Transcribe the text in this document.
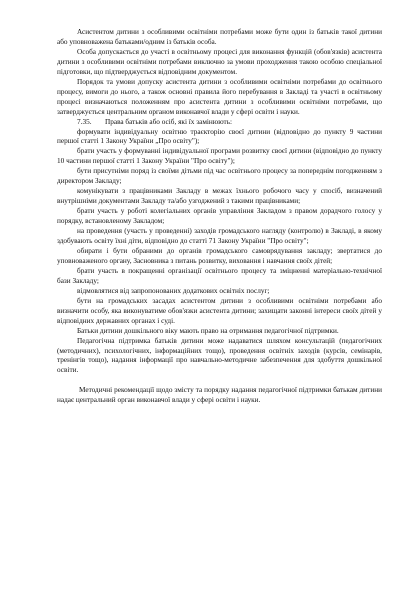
Асистентом дитини з особливими освітніми потребами може бути один із батьків такої дитини або уповноважена батьками/одним із батьків особа.

Особа допускається до участі в освітньому процесі для виконання функцій (обов'язків) асистента дитини з особливими освітніми потребами виключно за умови проходження такою особою спеціальної підготовки, що підтверджується відповідним документом.

Порядок та умови допуску асистента дитини з особливими освітніми потребами до освітнього процесу, вимоги до нього, а також основні правила його перебування в Закладі та участі в освітньому процесі визначаються положенням про асистента дитини з особливими освітніми потребами, що затверджується центральним органом виконавчої влади у сфері освіти і науки.

7.35. Права батьків або осіб, які їх замінюють:

формувати індивідуальну освітню траєкторію своєї дитини (відповідно до пункту 9 частини першої статті 1 Закону України „Про освіту");

брати участь у формуванні індивідуальної програми розвитку своєї дитини (відповідно до пункту 10 частини першої статті 1 Закону України "Про освіту");

бути присутніми поряд із своїми дітьми під час освітнього процесу за попереднім погодженням з директором Закладу;

комунікувати з працівниками Закладу в межах їхнього робочого часу у спосіб, визначений внутрішніми документами Закладу та/або узгоджений з такими працівниками;

брати участь у роботі колегіальних органів управління Закладом з правом дорадчого голосу у порядку, встановленому Закладом;

на проведення (участь у проведенні) заходів громадського нагляду (контролю) в Закладі, в якому здобувають освіту їхні діти, відповідно до статті 71 Закону України "Про освіту";

обирати і бути обраними до органів громадського самоврядування закладу; звертатися до уповноваженого органу, Засновника з питань розвитку, виховання і навчання своїх дітей;

брати участь в покращенні організації освітнього процесу та зміцненні матеріально-технічної бази Закладу;

відмовлятися від запропонованих додаткових освітніх послуг;

бути на громадських засадах асистентом дитини з особливими освітніми потребами або визначити особу, яка виконуватиме обов'язки асистента дитини; захищати законні інтереси своїх дітей у відповідних державних органах і суді.

Батьки дитини дошкільного віку мають право на отримання педагогічної підтримки.

Педагогічна підтримка батьків дитини може надаватися шляхом консультацій (педагогічних (методичних), психологічних, інформаційних тощо), проведення освітніх заходів (курсів, семінарів, тренінгів тощо), надання інформації про навчально-методичне забезпечення для здобуття дошкільної освіти.

Методичні рекомендації щодо змісту та порядку надання педагогічної підтримки батькам дитини надає центральний орган виконавчої влади у сфері освіти і науки.
